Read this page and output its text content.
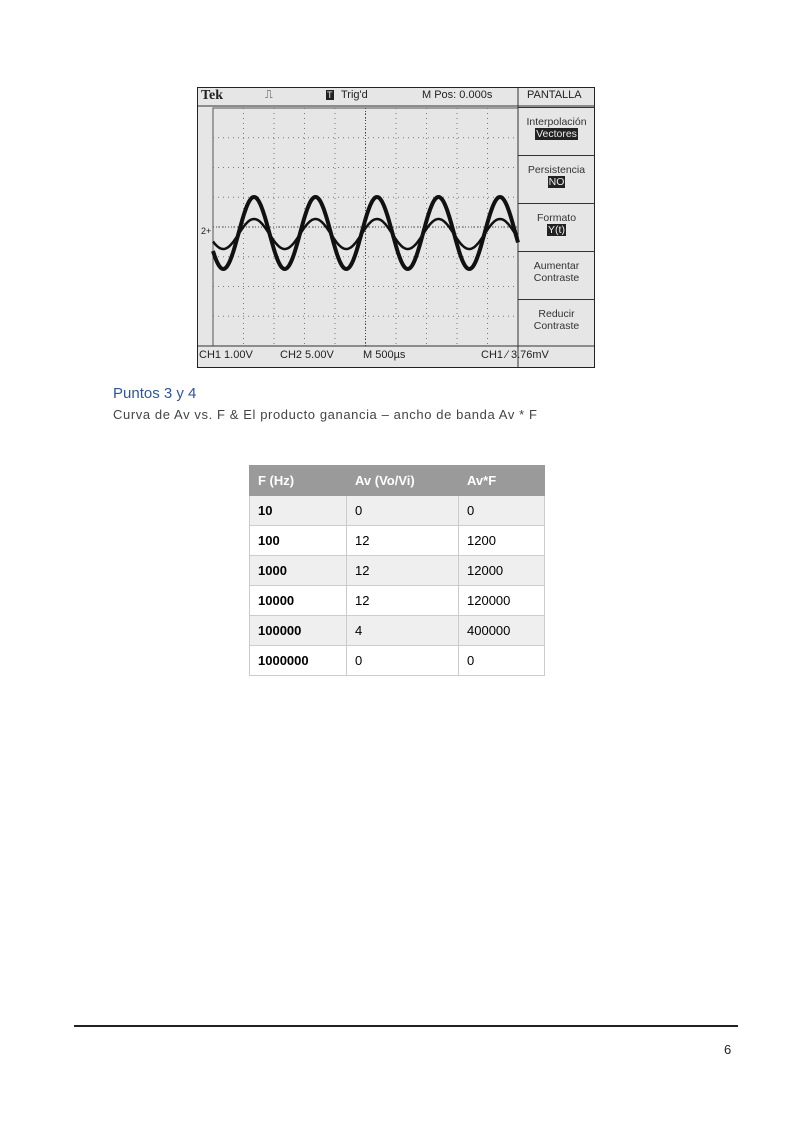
Tek	⎍	T Trig'd	M Pos: 0.000s	PANTALLA
Interpolación
Vectores
Persistencia
NO
Formato
Y(t)
Aumentar
Contraste
Reducir
Contraste
CH1 1.00V CH2 5.00V	M 500µs	CH1 ∕ 3.76mV
2+
Puntos 3 y 4
Curva de Av vs. F & El producto ganancia – ancho de banda Av * F
F (Hz)	Av (Vo/Vi)	Av*F
10	0	0
100	12	1200
1000	12	12000
10000	12	120000
100000	4	400000
1000000	0	0
6
